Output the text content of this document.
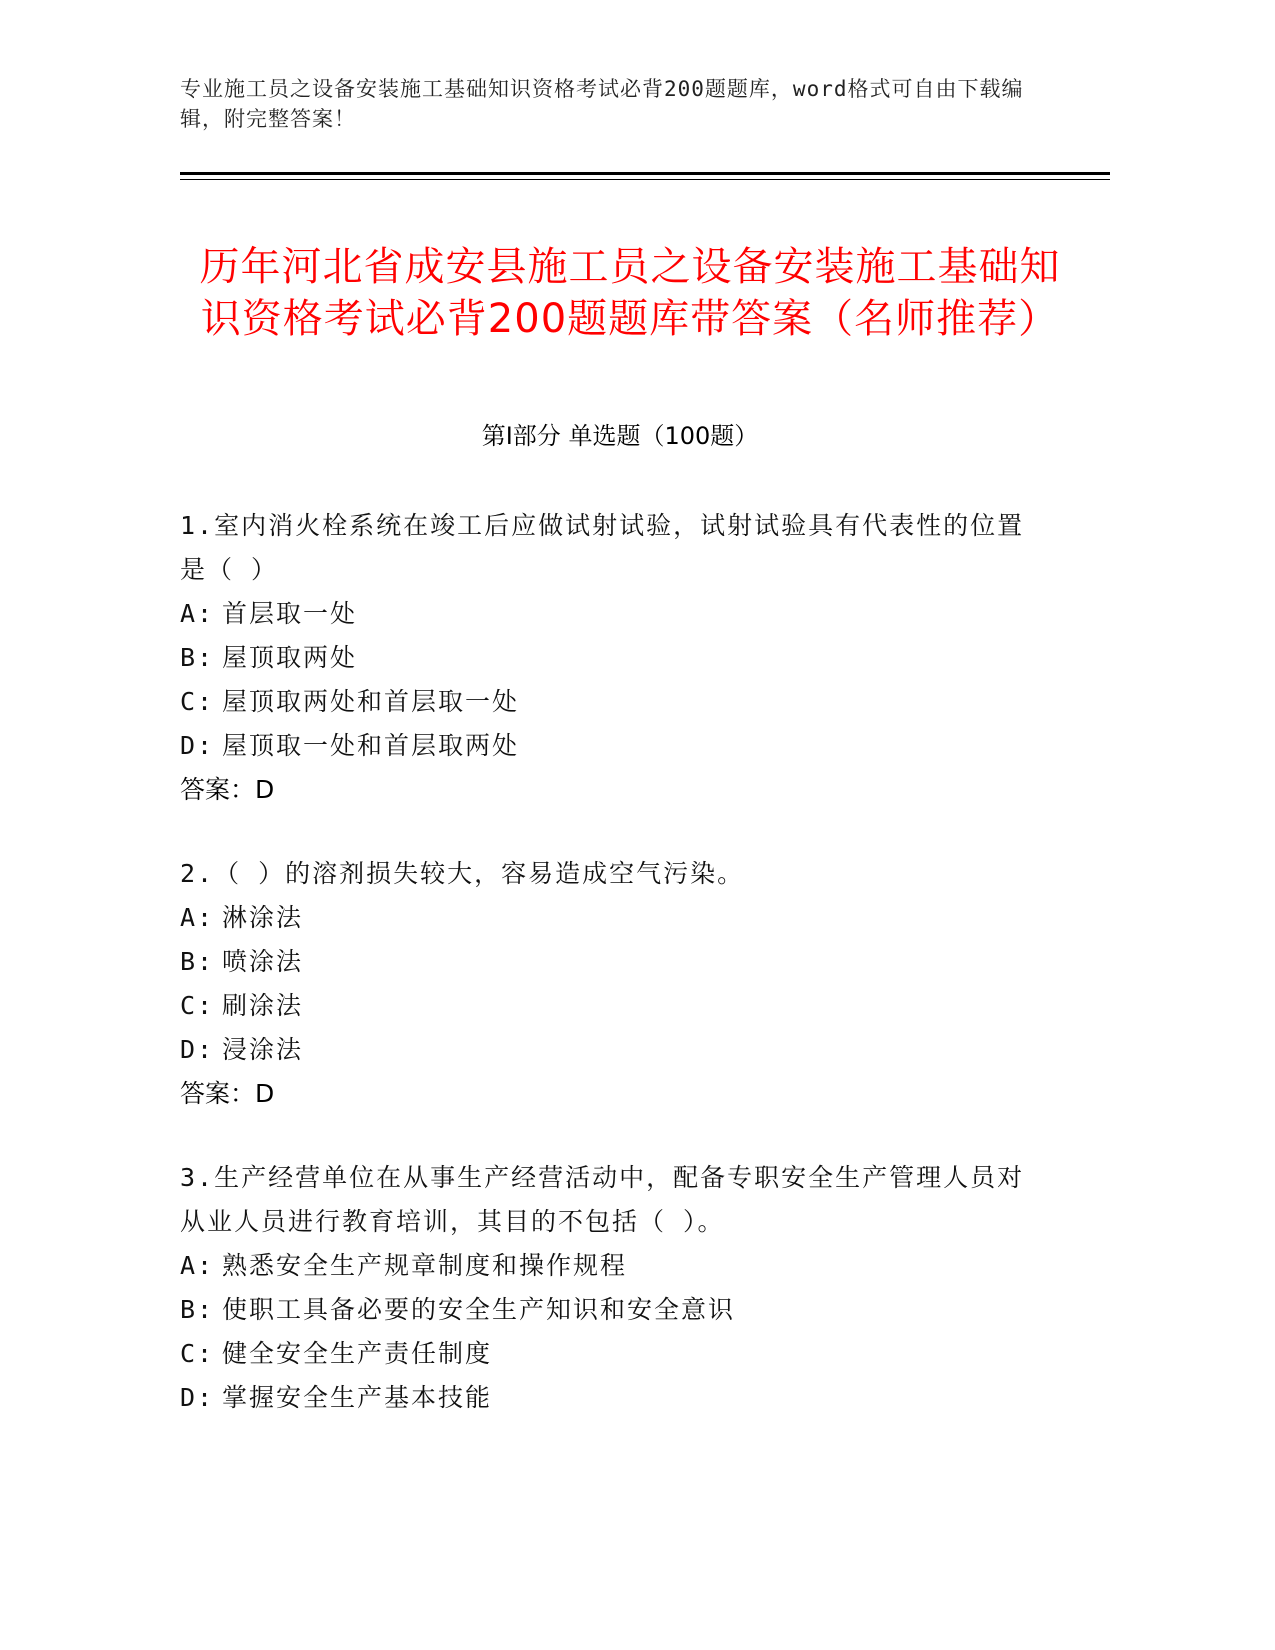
专业施工员之设备安装施工基础知识资格考试必背200题题库，word格式可自由下载编辑，附完整答案！
历年河北省成安县施工员之设备安装施工基础知识资格考试必背200题题库带答案（名师推荐）
第I部分 单选题（100题）

1.室内消火栓系统在竣工后应做试射试验，试射试验具有代表性的位置是（ ）

A: 首层取一处

B: 屋顶取两处

C: 屋顶取两处和首层取一处

D: 屋顶取一处和首层取两处

答案：D

2.（ ）的溶剂损失较大，容易造成空气污染。

A: 淋涂法

B: 喷涂法

C: 刷涂法

D: 浸涂法

答案：D

3.生产经营单位在从事生产经营活动中，配备专职安全生产管理人员对从业人员进行教育培训，其目的不包括（ ）。

A: 熟悉安全生产规章制度和操作规程

B: 使职工具备必要的安全生产知识和安全意识

C: 健全安全生产责任制度

D: 掌握安全生产基本技能
